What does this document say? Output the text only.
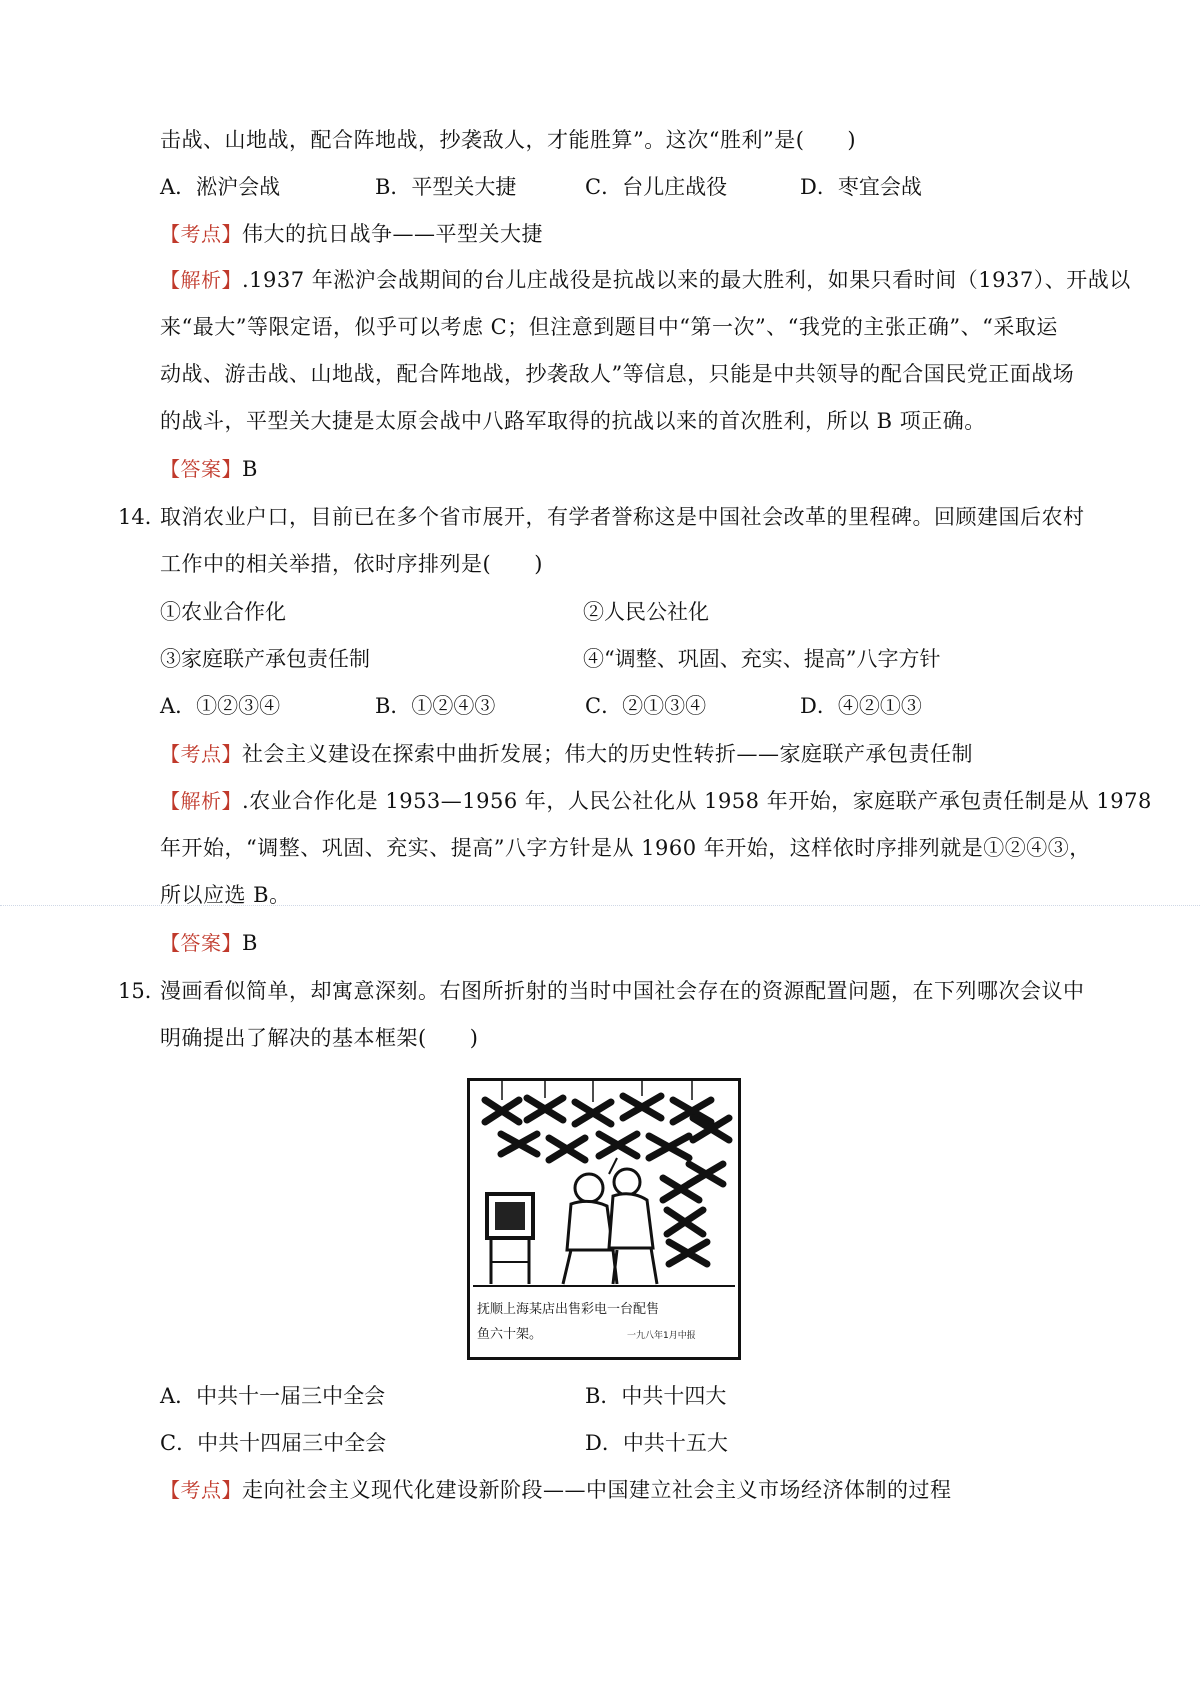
击战、山地战，配合阵地战，抄袭敌人，才能胜算”。这次“胜利”是(　　)
A．淞沪会战	B．平型关大捷	C．台儿庄战役	D．枣宜会战
【考点】伟大的抗日战争——平型关大捷
【解析】.1937 年淞沪会战期间的台儿庄战役是抗战以来的最大胜利，如果只看时间（1937）、开战以
来“最大”等限定语，似乎可以考虑 C；但注意到题目中“第一次”、“我党的主张正确”、“采取运
动战、游击战、山地战，配合阵地战，抄袭敌人”等信息，只能是中共领导的配合国民党正面战场
的战斗，平型关大捷是太原会战中八路军取得的抗战以来的首次胜利，所以 B 项正确。
【答案】B
14．
取消农业户口，目前已在多个省市展开，有学者誉称这是中国社会改革的里程碑。回顾建国后农村
工作中的相关举措，依时序排列是(　　)
①农业合作化	②人民公社化
③家庭联产承包责任制	④“调整、巩固、充实、提高”八字方针
A．①②③④	B．①②④③	C．②①③④	D．④②①③
【考点】社会主义建设在探索中曲折发展；伟大的历史性转折——家庭联产承包责任制
【解析】.农业合作化是 1953—1956 年，人民公社化从 1958 年开始，家庭联产承包责任制是从 1978
年开始，“调整、巩固、充实、提高”八字方针是从 1960 年开始，这样依时序排列就是①②④③，
所以应选 B。
【答案】B
15．
漫画看似简单，却寓意深刻。右图所折射的当时中国社会存在的资源配置问题，在下列哪次会议中
明确提出了解决的基本框架(　　)
抚顺上海某店出售彩电一台配售
鱼六十架。	一九八年1月中报
A．中共十一届三中全会	B．中共十四大
C．中共十四届三中全会	D．中共十五大
【考点】走向社会主义现代化建设新阶段——中国建立社会主义市场经济体制的过程
